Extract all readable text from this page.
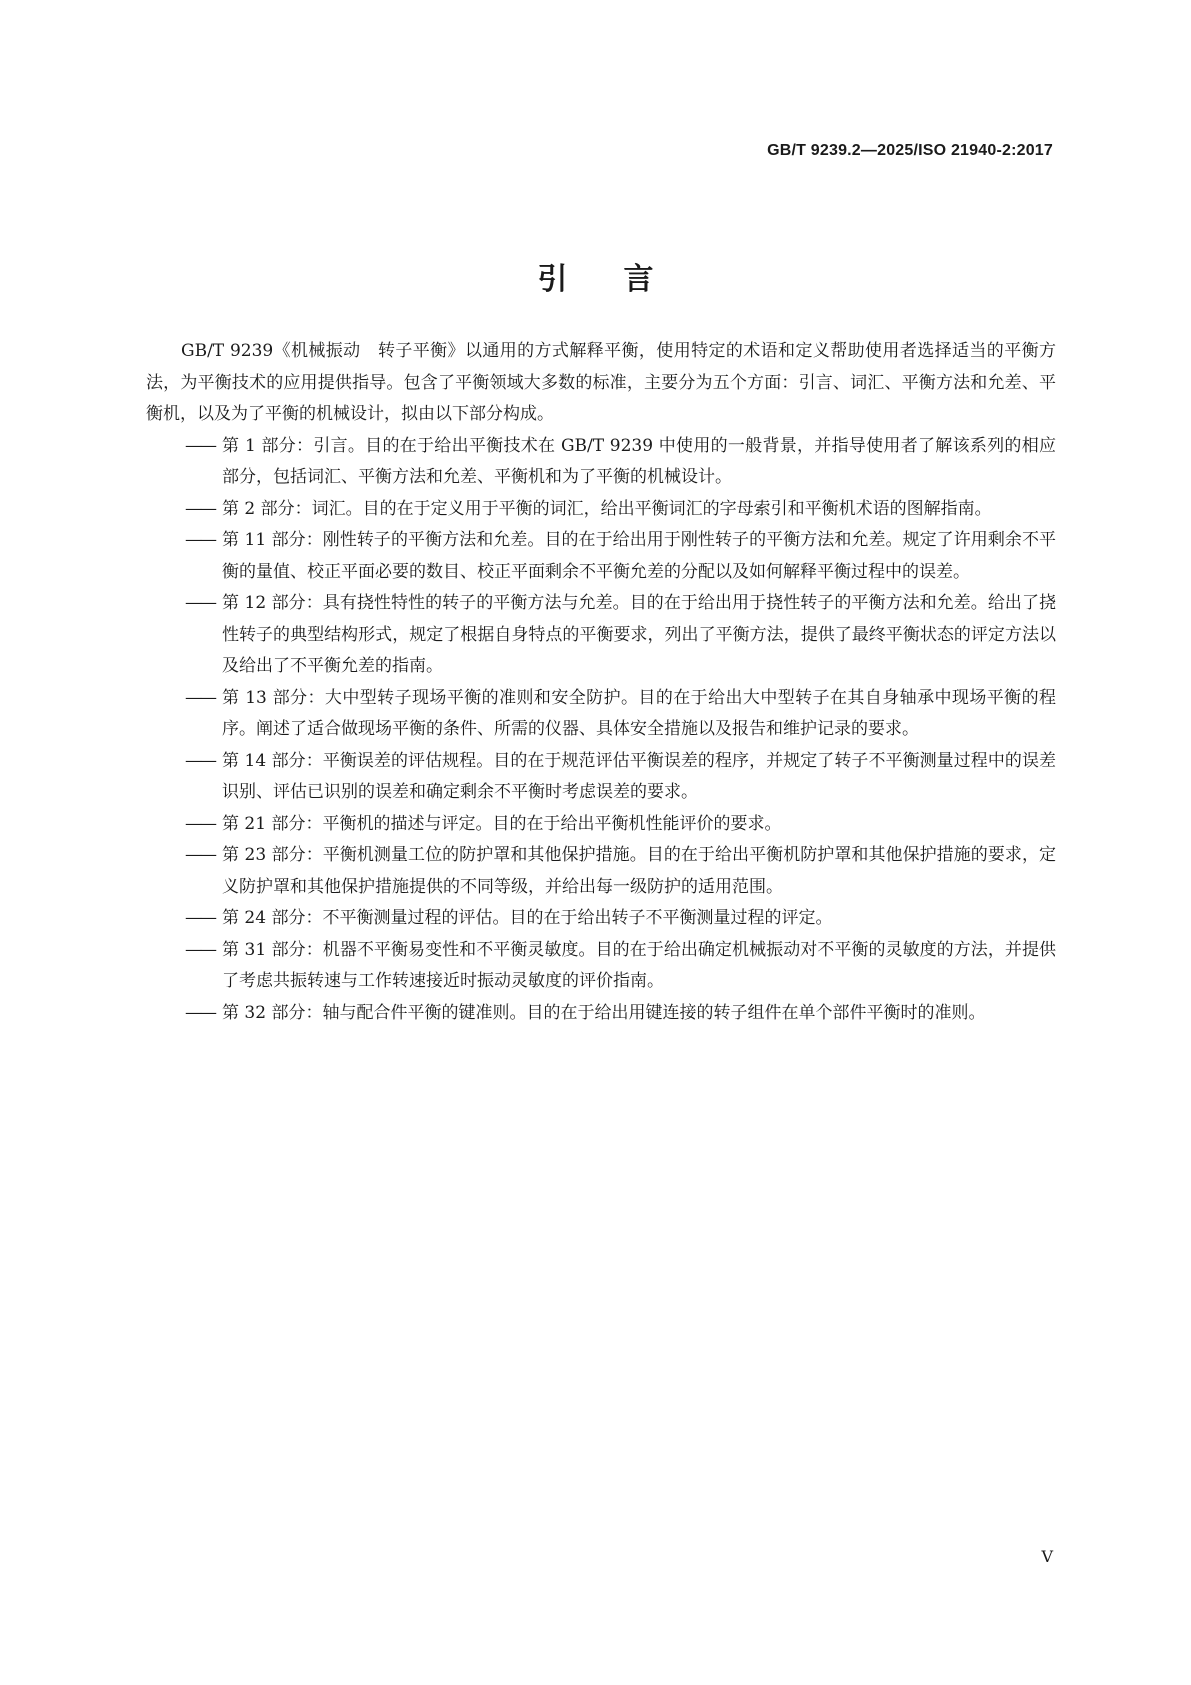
GB/T 9239.2—2025/ISO 21940-2:2017
引言

GB/T 9239《机械振动　转子平衡》以通用的方式解释平衡，使用特定的术语和定义帮助使用者选择适当的平衡方法，为平衡技术的应用提供指导。包含了平衡领域大多数的标准，主要分为五个方面：引言、词汇、平衡方法和允差、平衡机，以及为了平衡的机械设计，拟由以下部分构成。

—— 第 1 部分：引言。目的在于给出平衡技术在 GB/T 9239 中使用的一般背景，并指导使用者了解该系列的相应部分，包括词汇、平衡方法和允差、平衡机和为了平衡的机械设计。
—— 第 2 部分：词汇。目的在于定义用于平衡的词汇，给出平衡词汇的字母索引和平衡机术语的图解指南。
—— 第 11 部分：刚性转子的平衡方法和允差。目的在于给出用于刚性转子的平衡方法和允差。规定了许用剩余不平衡的量值、校正平面必要的数目、校正平面剩余不平衡允差的分配以及如何解释平衡过程中的误差。
—— 第 12 部分：具有挠性特性的转子的平衡方法与允差。目的在于给出用于挠性转子的平衡方法和允差。给出了挠性转子的典型结构形式，规定了根据自身特点的平衡要求，列出了平衡方法，提供了最终平衡状态的评定方法以及给出了不平衡允差的指南。
—— 第 13 部分：大中型转子现场平衡的准则和安全防护。目的在于给出大中型转子在其自身轴承中现场平衡的程序。阐述了适合做现场平衡的条件、所需的仪器、具体安全措施以及报告和维护记录的要求。
—— 第 14 部分：平衡误差的评估规程。目的在于规范评估平衡误差的程序，并规定了转子不平衡测量过程中的误差识别、评估已识别的误差和确定剩余不平衡时考虑误差的要求。
—— 第 21 部分：平衡机的描述与评定。目的在于给出平衡机性能评价的要求。
—— 第 23 部分：平衡机测量工位的防护罩和其他保护措施。目的在于给出平衡机防护罩和其他保护措施的要求，定义防护罩和其他保护措施提供的不同等级，并给出每一级防护的适用范围。
—— 第 24 部分：不平衡测量过程的评估。目的在于给出转子不平衡测量过程的评定。
—— 第 31 部分：机器不平衡易变性和不平衡灵敏度。目的在于给出确定机械振动对不平衡的灵敏度的方法，并提供了考虑共振转速与工作转速接近时振动灵敏度的评价指南。
—— 第 32 部分：轴与配合件平衡的键准则。目的在于给出用键连接的转子组件在单个部件平衡时的准则。
V
